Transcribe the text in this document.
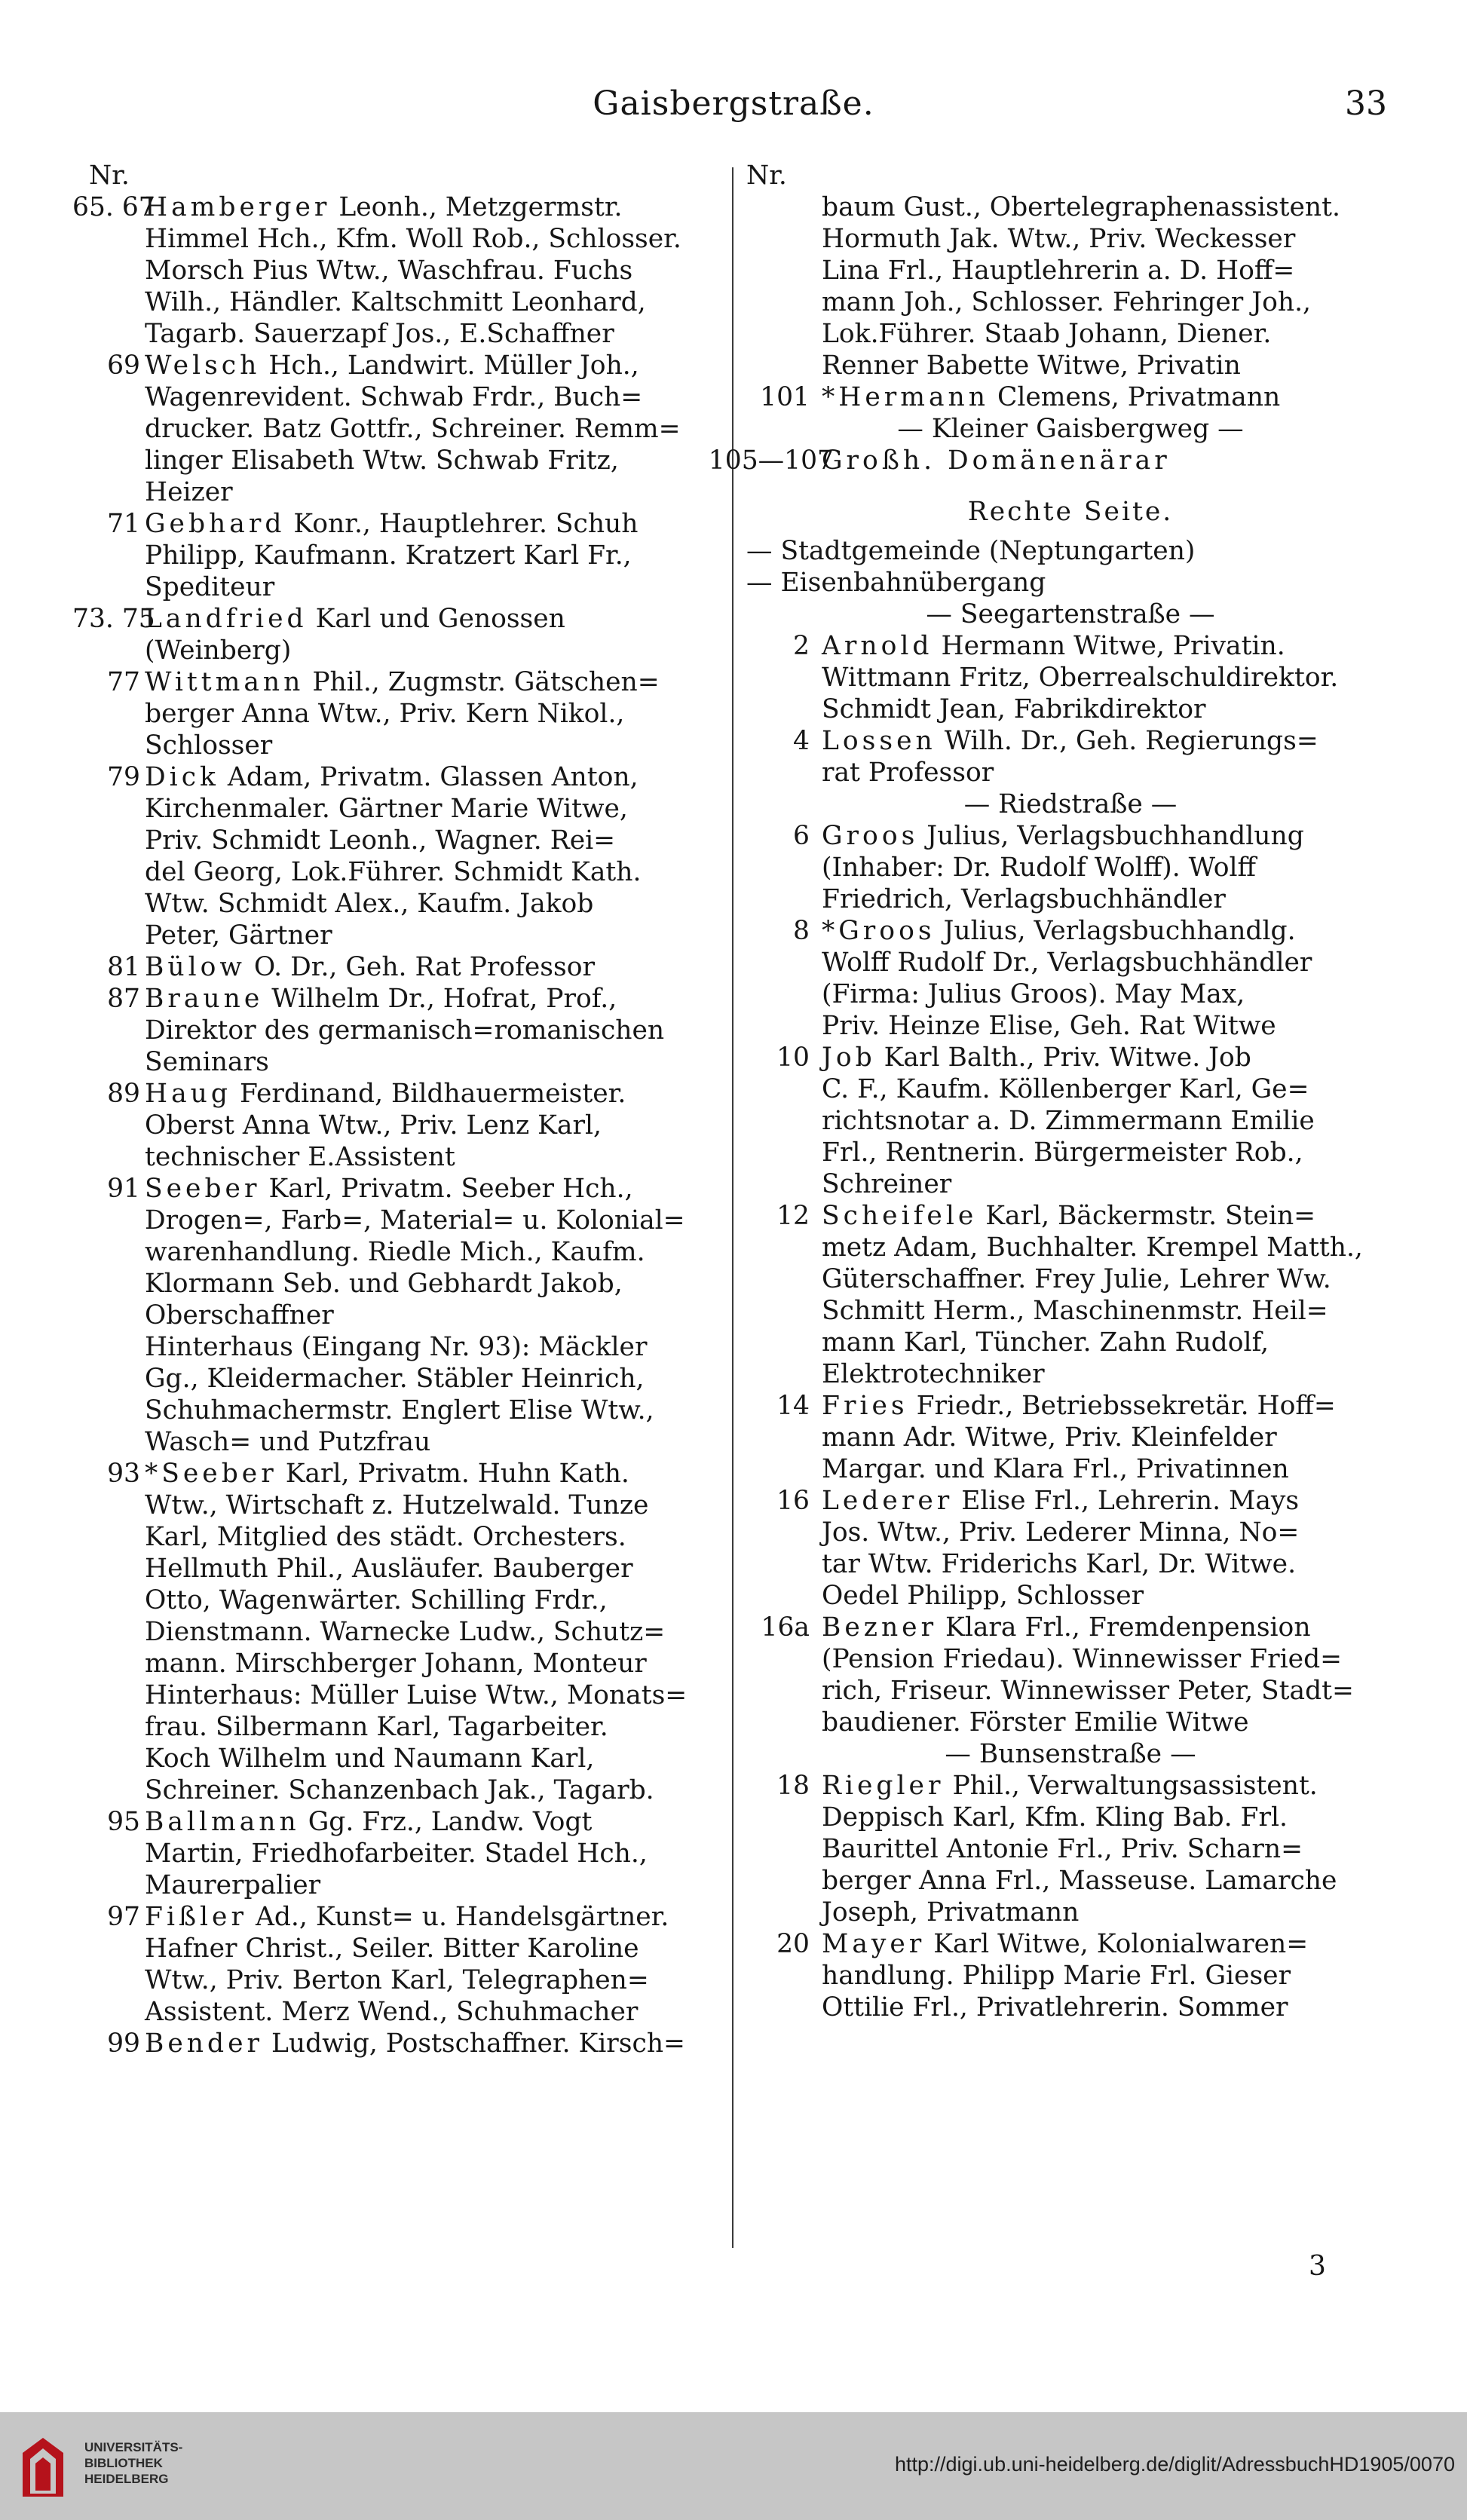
Gaisbergstraße.	33
Nr.
65. 67
Hamberger Leonh., Metzgermstr.
Himmel Hch., Kfm. Woll Rob., Schlosser.
Morsch Pius Wtw., Waschfrau. Fuchs
Wilh., Händler. Kaltschmitt Leonhard,
Tagarb. Sauerzapf Jos., E.Schaffner
69 Welsch Hch., Landwirt. Müller Joh.,
Wagenrevident. Schwab Frdr., Buch=
drucker. Batz Gottfr., Schreiner. Remm=
linger Elisabeth Wtw. Schwab Fritz,
Heizer
71 Gebhard Konr., Hauptlehrer. Schuh
Philipp, Kaufmann. Kratzert Karl Fr.,
Spediteur
73. 75
Landfried Karl und Genossen
(Weinberg)
77 Wittmann Phil., Zugmstr. Gätschen=
berger Anna Wtw., Priv. Kern Nikol.,
Schlosser
79 Dick Adam, Privatm. Glassen Anton,
Kirchenmaler. Gärtner Marie Witwe,
Priv. Schmidt Leonh., Wagner. Rei=
del Georg, Lok.Führer. Schmidt Kath.
Wtw. Schmidt Alex., Kaufm. Jakob
Peter, Gärtner
81 Bülow O. Dr., Geh. Rat Professor
87 Braune Wilhelm Dr., Hofrat, Prof.,
Direktor des germanisch=romanischen
Seminars
89 Haug Ferdinand, Bildhauermeister.
Oberst Anna Wtw., Priv. Lenz Karl,
technischer E.Assistent
91 Seeber Karl, Privatm. Seeber Hch.,
Drogen=, Farb=, Material= u. Kolonial=
warenhandlung. Riedle Mich., Kaufm.
Klormann Seb. und Gebhardt Jakob,
Oberschaffner
Hinterhaus (Eingang Nr. 93): Mäckler
Gg., Kleidermacher. Stäbler Heinrich,
Schuhmachermstr. Englert Elise Wtw.,
Wasch= und Putzfrau
93 *Seeber Karl, Privatm. Huhn Kath.
Wtw., Wirtschaft z. Hutzelwald. Tunze
Karl, Mitglied des städt. Orchesters.
Hellmuth Phil., Ausläufer. Bauberger
Otto, Wagenwärter. Schilling Frdr.,
Dienstmann. Warnecke Ludw., Schutz=
mann. Mirschberger Johann, Monteur
Hinterhaus: Müller Luise Wtw., Monats=
frau. Silbermann Karl, Tagarbeiter.
Koch Wilhelm und Naumann Karl,
Schreiner. Schanzenbach Jak., Tagarb.
95 Ballmann Gg. Frz., Landw. Vogt
Martin, Friedhofarbeiter. Stadel Hch.,
Maurerpalier
97 Fißler Ad., Kunst= u. Handelsgärtner.
Hafner Christ., Seiler. Bitter Karoline
Wtw., Priv. Berton Karl, Telegraphen=
Assistent. Merz Wend., Schuhmacher
99 Bender Ludwig, Postschaffner. Kirsch=
Nr.
baum Gust., Obertelegraphenassistent.
Hormuth Jak. Wtw., Priv. Weckesser
Lina Frl., Hauptlehrerin a. D. Hoff=
mann Joh., Schlosser. Fehringer Joh.,
Lok.Führer. Staab Johann, Diener.
Renner Babette Witwe, Privatin
101 *Hermann Clemens, Privatmann
— Kleiner Gaisbergweg —
105—107
Großh. Domänenärar
Rechte Seite.
— Stadtgemeinde (Neptungarten)
— Eisenbahnübergang
— Seegartenstraße —
2 Arnold Hermann Witwe, Privatin.
Wittmann Fritz, Oberrealschuldirektor.
Schmidt Jean, Fabrikdirektor
4 Lossen Wilh. Dr., Geh. Regierungs=
rat Professor
— Riedstraße —
6 Groos Julius, Verlagsbuchhandlung
(Inhaber: Dr. Rudolf Wolff). Wolff
Friedrich, Verlagsbuchhändler
8 *Groos Julius, Verlagsbuchhandlg.
Wolff Rudolf Dr., Verlagsbuchhändler
(Firma: Julius Groos). May Max,
Priv. Heinze Elise, Geh. Rat Witwe
10 Job Karl Balth., Priv. Witwe. Job
C. F., Kaufm. Köllenberger Karl, Ge=
richtsnotar a. D. Zimmermann Emilie
Frl., Rentnerin. Bürgermeister Rob.,
Schreiner
12 Scheifele Karl, Bäckermstr. Stein=
metz Adam, Buchhalter. Krempel Matth.,
Güterschaffner. Frey Julie, Lehrer Ww.
Schmitt Herm., Maschinenmstr. Heil=
mann Karl, Tüncher. Zahn Rudolf,
Elektrotechniker
14 Fries Friedr., Betriebssekretär. Hoff=
mann Adr. Witwe, Priv. Kleinfelder
Margar. und Klara Frl., Privatinnen
16 Lederer Elise Frl., Lehrerin. Mays
Jos. Wtw., Priv. Lederer Minna, No=
tar Wtw. Friderichs Karl, Dr. Witwe.
Oedel Philipp, Schlosser
16a Bezner Klara Frl., Fremdenpension
(Pension Friedau). Winnewisser Fried=
rich, Friseur. Winnewisser Peter, Stadt=
baudiener. Förster Emilie Witwe
— Bunsenstraße —
18 Riegler Phil., Verwaltungsassistent.
Deppisch Karl, Kfm. Kling Bab. Frl.
Baurittel Antonie Frl., Priv. Scharn=
berger Anna Frl., Masseuse. Lamarche
Joseph, Privatmann
20 Mayer Karl Witwe, Kolonialwaren=
handlung. Philipp Marie Frl. Gieser
Ottilie Frl., Privatlehrerin. Sommer
3
UNIVERSITÄTS-
BIBLIOTHEK
HEIDELBERG
http://digi.ub.uni-heidelberg.de/diglit/AdressbuchHD1905/0070
